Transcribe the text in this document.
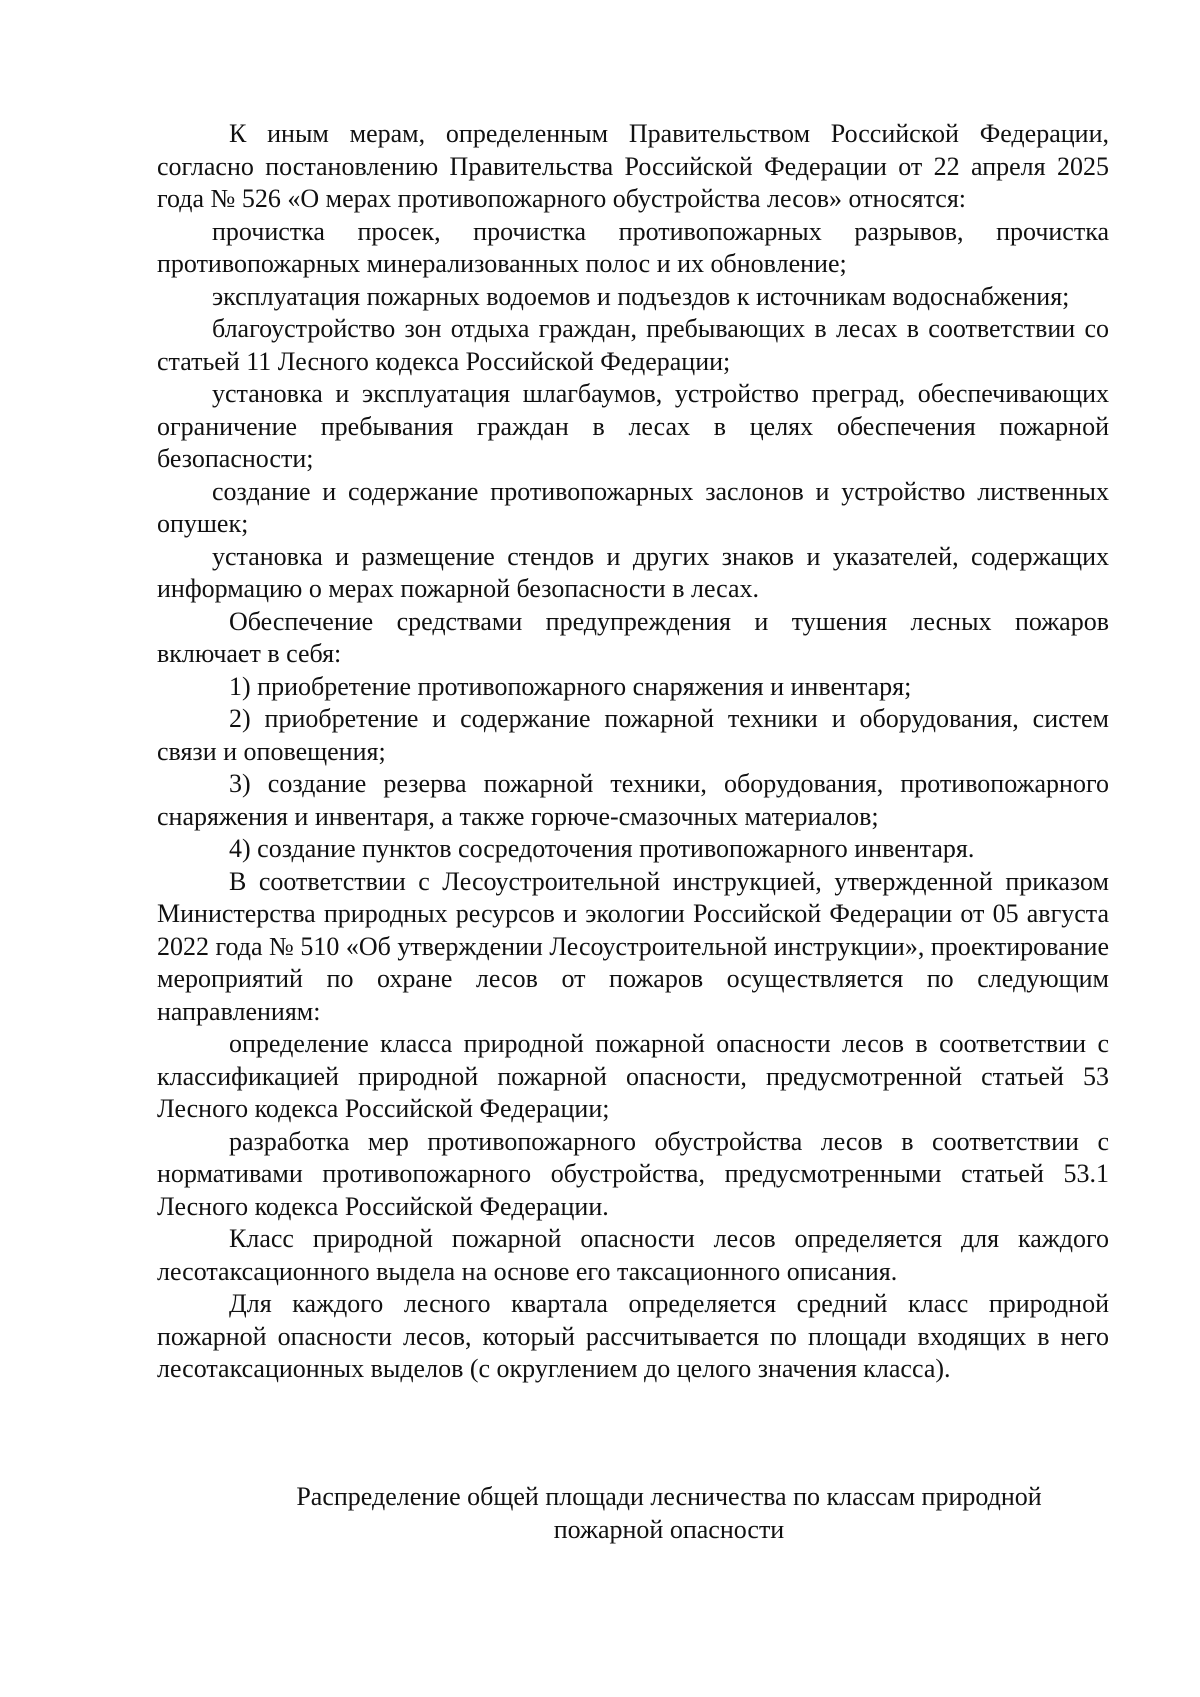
К иным мерам, определенным Правительством Российской Федерации, согласно постановлению Правительства Российской Федерации от 22 апреля 2025 года № 526 «О мерах противопожарного обустройства лесов» относятся:

прочистка просек, прочистка противопожарных разрывов, прочистка противопожарных минерализованных полос и их обновление;

эксплуатация пожарных водоемов и подъездов к источникам водоснабжения;

благоустройство зон отдыха граждан, пребывающих в лесах в соответствии со статьей 11 Лесного кодекса Российской Федерации;

установка и эксплуатация шлагбаумов, устройство преград, обеспечивающих ограничение пребывания граждан в лесах в целях обеспечения пожарной безопасности;

создание и содержание противопожарных заслонов и устройство лиственных опушек;

установка и размещение стендов и других знаков и указателей, содержащих информацию о мерах пожарной безопасности в лесах.

Обеспечение средствами предупреждения и тушения лесных пожаров включает в себя:

1) приобретение противопожарного снаряжения и инвентаря;

2) приобретение и содержание пожарной техники и оборудования, систем связи и оповещения;

3) создание резерва пожарной техники, оборудования, противопожарного снаряжения и инвентаря, а также горюче-смазочных материалов;

4) создание пунктов сосредоточения противопожарного инвентаря.

В соответствии с Лесоустроительной инструкцией, утвержденной приказом Министерства природных ресурсов и экологии Российской Федерации от 05 августа 2022 года № 510 «Об утверждении Лесоустроительной инструкции», проектирование мероприятий по охране лесов от пожаров осуществляется по следующим направлениям:

определение класса природной пожарной опасности лесов в соответствии с классификацией природной пожарной опасности, предусмотренной статьей 53 Лесного кодекса Российской Федерации;

разработка мер противопожарного обустройства лесов в соответствии с нормативами противопожарного обустройства, предусмотренными статьей 53.1 Лесного кодекса Российской Федерации.

Класс природной пожарной опасности лесов определяется для каждого лесотаксационного выдела на основе его таксационного описания.

Для каждого лесного квартала определяется средний класс природной пожарной опасности лесов, который рассчитывается по площади входящих в него лесотаксационных выделов (с округлением до целого значения класса).

Распределение общей площади лесничества по классам природной
пожарной опасности
